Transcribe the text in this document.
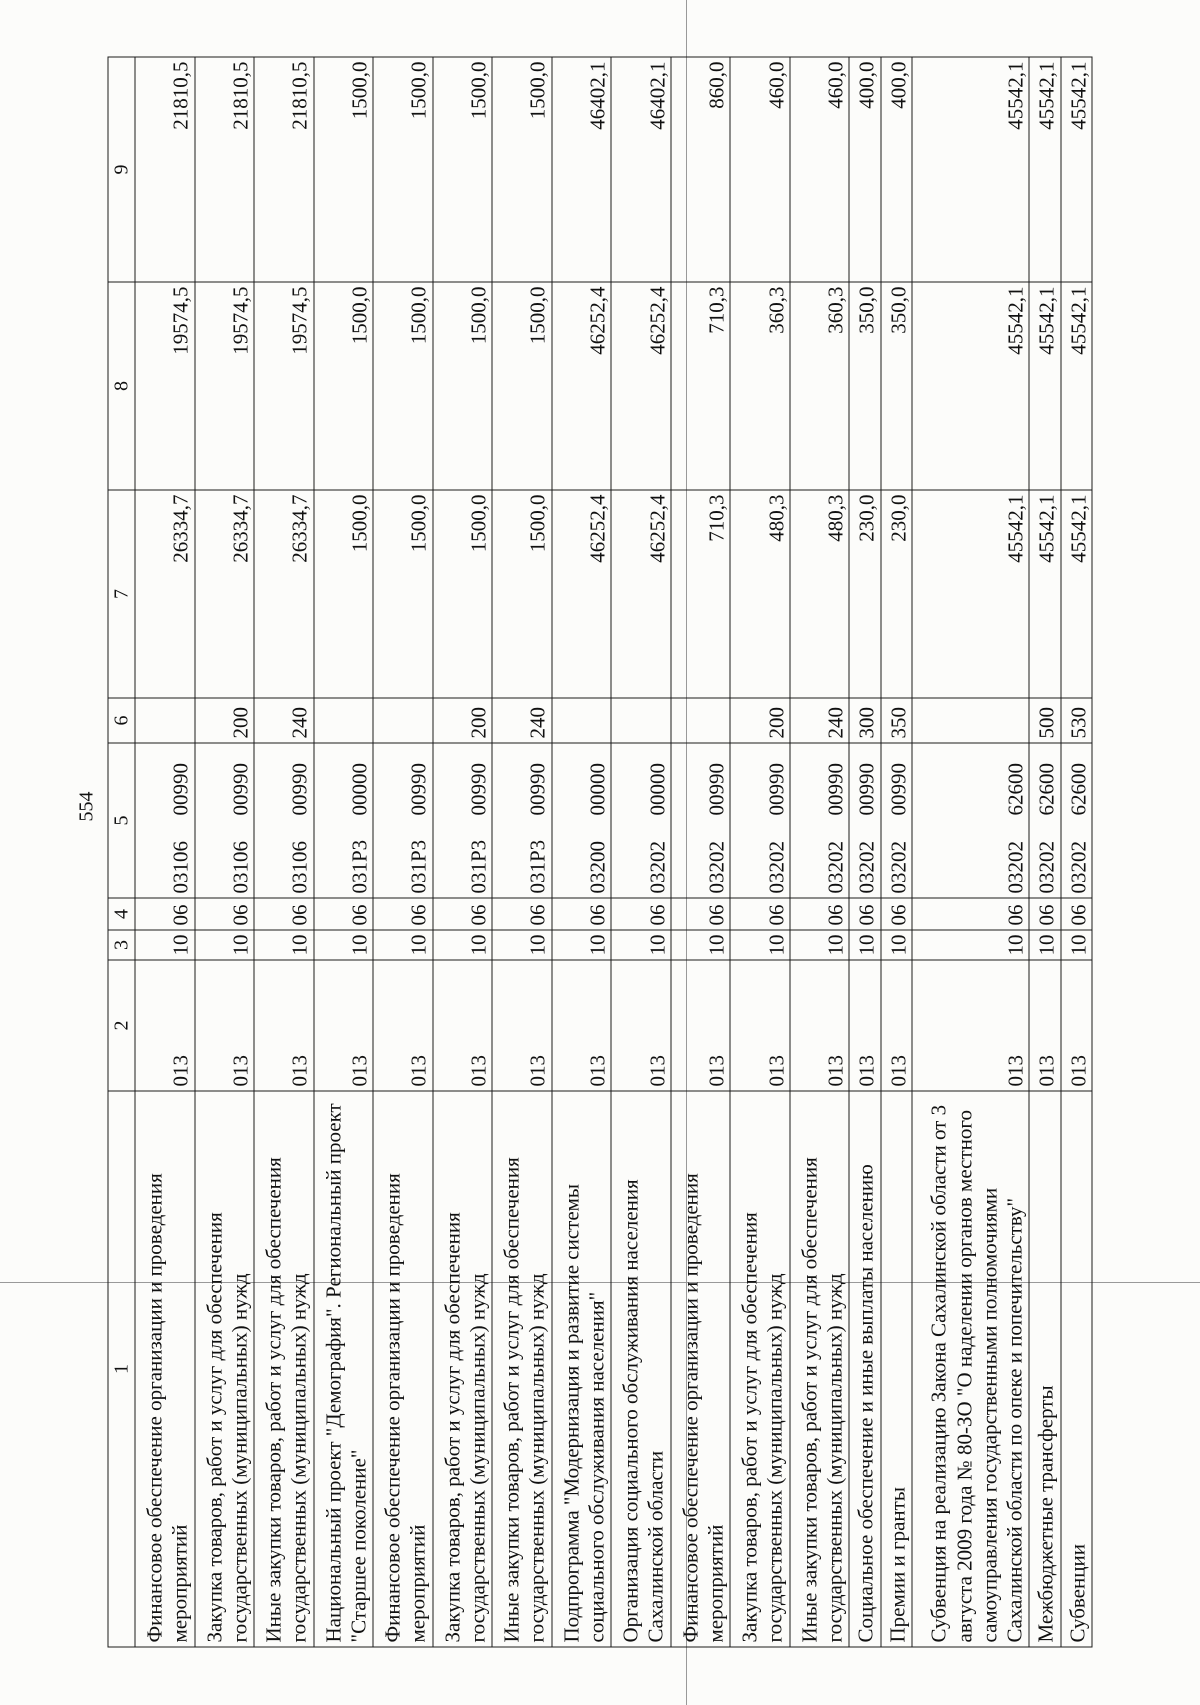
554
1	2	3	4	5	6	7	8	9
Финансовое обеспечение организации и проведения мероприятий	013	10	06	0310600990		26334,7	19574,5	21810,5
Закупка товаров, работ и услуг для обеспечения государственных (муниципальных) нужд	013	10	06	0310600990	200	26334,7	19574,5	21810,5
Иные закупки товаров, работ и услуг для обеспечения государственных (муниципальных) нужд	013	10	06	0310600990	240	26334,7	19574,5	21810,5
Национальный проект "Демография". Региональный проект "Старшее поколение"	013	10	06	031P300000		1500,0	1500,0	1500,0
Финансовое обеспечение организации и проведения мероприятий	013	10	06	031P300990		1500,0	1500,0	1500,0
Закупка товаров, работ и услуг для обеспечения государственных (муниципальных) нужд	013	10	06	031P300990	200	1500,0	1500,0	1500,0
Иные закупки товаров, работ и услуг для обеспечения государственных (муниципальных) нужд	013	10	06	031P300990	240	1500,0	1500,0	1500,0
Подпрограмма "Модернизация и развитие системы социального обслуживания населения"	013	10	06	0320000000		46252,4	46252,4	46402,1
Организация социального обслуживания населения Сахалинской области	013	10	06	0320200000		46252,4	46252,4	46402,1
Финансовое обеспечение организации и проведения мероприятий	013	10	06	0320200990		710,3	710,3	860,0
Закупка товаров, работ и услуг для обеспечения государственных (муниципальных) нужд	013	10	06	0320200990	200	480,3	360,3	460,0
Иные закупки товаров, работ и услуг для обеспечения государственных (муниципальных) нужд	013	10	06	0320200990	240	480,3	360,3	460,0
Социальное обеспечение и иные выплаты населению	013	10	06	0320200990	300	230,0	350,0	400,0
Премии и гранты	013	10	06	0320200990	350	230,0	350,0	400,0
Субвенция на реализацию Закона Сахалинской области от 3 августа 2009 года № 80-ЗО "О наделении органов местного самоуправления государственными полномочиями Сахалинской области по опеке и попечительству"	013	10	06	0320262600		45542,1	45542,1	45542,1
Межбюджетные трансферты	013	10	06	0320262600	500	45542,1	45542,1	45542,1
Субвенции	013	10	06	0320262600	530	45542,1	45542,1	45542,1
